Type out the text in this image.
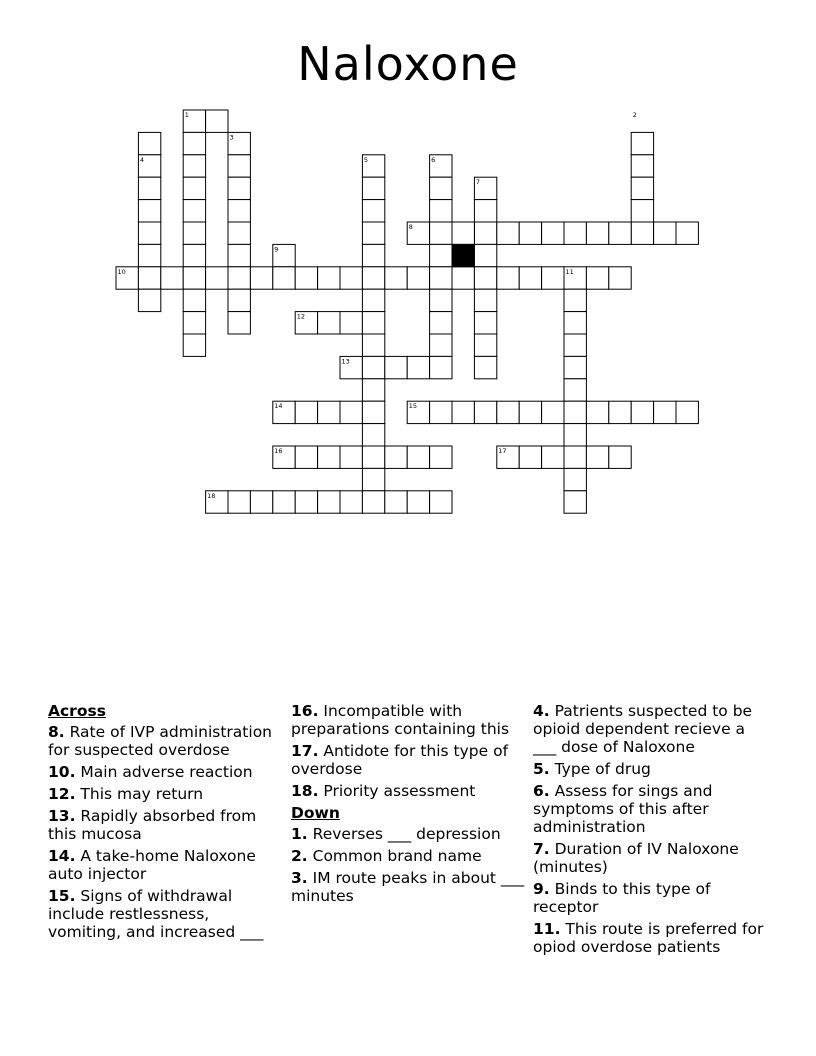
Naloxone
1	2
3
4	5	6
7
8
9
10	11
12
13
14	15
16	17
18
Across
8. Rate of IVP administration for suspected overdose
10. Main adverse reaction
12. This may return
13. Rapidly absorbed from this mucosa
14. A take-home Naloxone auto injector
15. Signs of withdrawal include restlessness, vomiting, and increased ___
16. Incompatible with preparations containing this
17. Antidote for this type of overdose
18. Priority assessment
Down
1. Reverses ___ depression
2. Common brand name
3. IM route peaks in about ___ minutes
4. Patrients suspected to be opioid dependent recieve a ___ dose of Naloxone
5. Type of drug
6. Assess for sings and symptoms of this after administration
7. Duration of IV Naloxone (minutes)
9. Binds to this type of receptor
11. This route is preferred for opiod overdose patients
